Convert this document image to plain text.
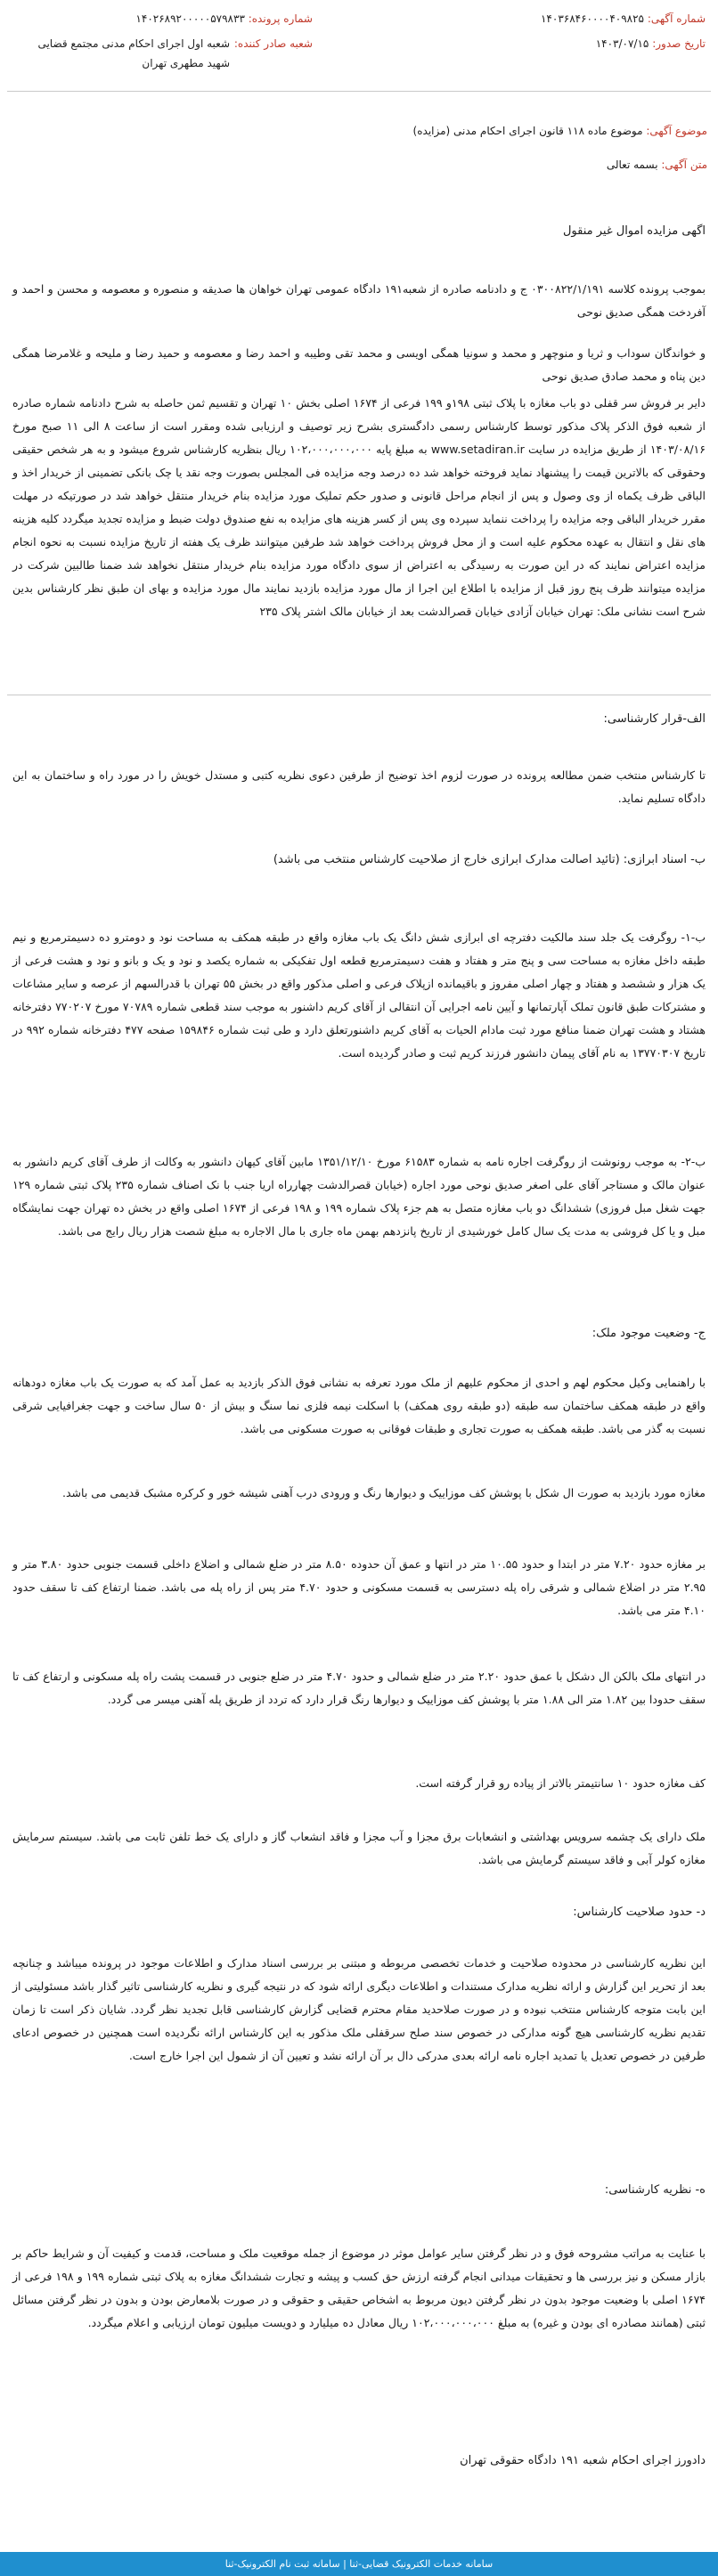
شماره آگهی: ۱۴۰۳۶۸۴۶۰۰۰۰۴۰۹۸۲۵
شماره پرونده: ۱۴۰۲۶۸۹۲۰۰۰۰۰۵۷۹۸۳۳
تاریخ صدور: ۱۴۰۳/۰۷/۱۵
شعبه صادر کننده:
شعبه اول اجرای احکام مدنی مجتمع قضایی شهید مطهری تهران
موضوع آگهی: موضوع ماده ۱۱۸ قانون اجرای احکام مدنی (مزایده)
متن آگهی: بسمه تعالی
اگهی مزایده اموال غیر منقول
بموجب پرونده کلاسه ۰۳۰۰۸۲۲/۱/۱۹۱ ج و دادنامه صادره از شعبه۱۹۱ دادگاه عمومی تهران خواهان ها صدیقه و منصوره و معصومه و محسن و احمد و آفردخت همگی صدیق نوحی
و خواندگان سوداب و ثریا و منوچهر و محمد و سونیا همگی اویسی و محمد تقی وطیبه و احمد رضا و معصومه و حمید رضا و ملیحه و غلامرضا همگی دین پناه و محمد صادق صدیق نوحی
دایر بر فروش سر قفلی دو باب مغازه با پلاک ثبتی ۱۹۸و ۱۹۹ فرعی از ۱۶۷۴ اصلی بخش ۱۰ تهران و تقسیم ثمن حاصله به شرح دادنامه شماره صادره از شعبه فوق الذکر پلاک مذکور توسط کارشناس رسمی دادگستری بشرح زیر توصیف و ارزیابی شده ومقرر است از ساعت ۸ الی ۱۱ صبح مورخ ۱۴۰۳/۰۸/۱۶ از طریق مزایده در سایت www.setadiran.ir به مبلغ پایه ۱۰۲،۰۰۰،۰۰۰،۰۰۰ ریال بنظریه کارشناس شروع میشود و به هر شخص حقیقی وحقوقی که بالاترین قیمت را پیشنهاد نماید فروخته خواهد شد ده درصد وجه مزایده فی المجلس بصورت وجه نقد یا چک بانکی تضمینی از خریدار اخذ و الباقی ظرف یکماه از وی وصول و پس از انجام مراحل قانونی و صدور حکم تملیک مورد مزایده بنام خریدار منتقل خواهد شد در صورتیکه در مهلت مقرر خریدار الباقی وجه مزایده را پرداخت ننماید سپرده وی پس از کسر هزینه های مزایده به نفع صندوق دولت ضبط و مزایده تجدید میگردد کلیه هزینه های نقل و انتقال به عهده محکوم علیه است و از محل فروش پرداخت خواهد شد طرفین میتوانند ظرف یک هفته از تاریخ مزایده نسبت به نحوه انجام مزایده اعتراض نمایند که در این صورت به رسیدگی به اعتراض از سوی دادگاه مورد مزایده بنام خریدار منتقل نخواهد شد ضمنا طالبین شرکت در مزایده میتوانند ظرف پنج روز قبل از مزایده با اطلاع این اجرا از مال مورد مزایده بازدید نمایند مال مورد مزایده و بهای ان طبق نظر کارشناس بدین شرح است نشانی ملک: تهران خیابان آزادی خیابان قصرالدشت بعد از خیابان مالک اشتر پلاک ۲۳۵
الف-قرار کارشناسی:
تا کارشناس منتخب ضمن مطالعه پرونده در صورت لزوم اخذ توضیح از طرفین دعوی نظریه کتبی و مستدل خویش را در مورد راه و ساختمان به این دادگاه تسلیم نماید.
ب- اسناد ابرازی: (تائید اصالت مدارک ابرازی خارج از صلاحیت کارشناس منتخب می باشد)
ب-۱- روگرفت یک جلد سند مالکیت دفترچه ای ابرازی شش دانگ یک باب مغازه واقع در طبقه همکف به مساحت نود و دومترو ده دسیمترمربع و نیم طبقه داخل مغازه به مساحت سی و پنج متر و هفتاد و هفت دسیمترمربع قطعه اول تفکیکی به شماره یکصد و نود و یک و بانو و نود و هشت فرعی از یک هزار و ششصد و هفتاد و چهار اصلی مفروز و باقیمانده ازپلاک فرعی و اصلی مذکور واقع در بخش ۵۵ تهران با قدرالسهم از عرصه و سایر مشاعات و مشترکات طبق قانون تملک آپارتمانها و آیین نامه اجرایی آن انتقالی از آقای کریم داشنور به موجب سند قطعی شماره ۷۰۷۸۹ مورخ ۷۷۰۲۰۷ دفترخانه هشتاد و هشت تهران ضمنا منافع مورد ثبت مادام الحیات به آقای کریم داشنورتعلق دارد و طی ثبت شماره ۱۵۹۸۴۶ صفحه ۴۷۷ دفترخانه شماره ۹۹۲ در تاریخ ۱۳۷۷۰۳۰۷ به نام آقای پیمان دانشور فرزند کریم ثبت و صادر گردیده است.
ب-۲- به موجب رونوشت از روگرفت اجاره نامه به شماره ۶۱۵۸۳ مورخ ۱۳۵۱/۱۲/۱۰ مابین آقای کیهان دانشور به وکالت از طرف آقای کریم دانشور به عنوان مالک و مستاجر آقای علی اصغر صدیق نوحی مورد اجاره (خیابان قصرالدشت چهارراه اریا جنب با نک اصناف شماره ۲۳۵ پلاک ثبتی شماره ۱۲۹ جهت شغل مبل فروزی) ششدانگ دو باب مغازه متصل به هم جزء پلاک شماره ۱۹۹ و ۱۹۸ فرعی از ۱۶۷۴ اصلی واقع در بخش ده تهران جهت نمایشگاه مبل و یا کل فروشی به مدت یک سال کامل خورشیدی از تاریخ پانزدهم بهمن ماه جاری با مال الاجاره به مبلغ شصت هزار ریال رایج می باشد.
ج- وضعیت موجود ملک:
با راهنمایی وکیل محکوم لهم و احدی از محکوم علیهم از ملک مورد تعرفه به نشانی فوق الذکر بازدید به عمل آمد که به صورت یک باب مغازه دودهانه واقع در طبقه همکف ساختمان سه طبقه (دو طبقه روی همکف) با اسکلت نیمه فلزی نما سنگ و بیش از ۵۰ سال ساخت و جهت جغرافیایی شرقی نسبت به گذر می باشد. طبقه همکف به صورت تجاری و طبقات فوقانی به صورت مسکونی می باشد.
مغازه مورد بازدید به صورت ال شکل با پوشش کف موزاییک و دیوارها رنگ و ورودی درب آهنی شیشه خور و کرکره مشبک قدیمی می باشد.
بر مغازه حدود ۷.۲۰ متر در ابتدا و حدود ۱۰.۵۵ متر در انتها و عمق آن حدوده ۸.۵۰ متر در ضلع شمالی و اضلاع داخلی قسمت جنوبی حدود ۳.۸۰ متر و ۲.۹۵ متر در اضلاع شمالی و شرقی راه پله دسترسی به قسمت مسکونی و حدود ۴.۷۰ متر پس از راه پله می باشد. ضمنا ارتفاع کف تا سقف حدود ۴.۱۰ متر می باشد.
در انتهای ملک بالکن ال دشکل با عمق حدود ۲.۲۰ متر در ضلع شمالی و حدود ۴.۷۰ متر در ضلع جنوبی در قسمت پشت راه پله مسکونی و ارتفاع کف تا سقف حدودا بین ۱.۸۲ متر الی ۱.۸۸ متر با پوشش کف موزاییک و دیوارها رنگ قرار دارد که تردد از طریق پله آهنی میسر می گردد.
کف مغازه حدود ۱۰ سانتیمتر بالاتر از پیاده رو قرار گرفته است.
ملک دارای یک چشمه سرویس بهداشتی و انشعابات برق مجزا و آب مجزا و فاقد انشعاب گاز و دارای یک خط تلفن ثابت می باشد. سیستم سرمایش مغازه کولر آبی و فاقد سیستم گرمایش می باشد.
د- حدود صلاحیت کارشناس:
این نظریه کارشناسی در محدوده صلاحیت و خدمات تخصصی مربوطه و مبتنی بر بررسی اسناد مدارک و اطلاعات موجود در پرونده میباشد و چنانچه بعد از تحریر این گزارش و ارائه نظریه مدارک مستندات و اطلاعات دیگری ارائه شود که در نتیجه گیری و نظریه کارشناسی تاثیر گذار باشد مسئولیتی از این بابت متوجه کارشناس منتخب نبوده و در صورت صلاحدید مقام محترم قضایی گزارش کارشناسی قابل تجدید نظر گردد. شایان ذکر است تا زمان تقدیم نظریه کارشناسی هیچ گونه مدارکی در خصوص سند صلح سرقفلی ملک مذکور به این کارشناس ارائه نگردیده است همچنین در خصوص ادعای طرفین در خصوص تعدیل یا تمدید اجاره نامه ارائه بعدی مدرکی دال بر آن ارائه نشد و تعیین آن از شمول این اجرا خارج است.
ه- نظریه کارشناسی:
با عنایت به مراتب مشروحه فوق و در نظر گرفتن سایر عوامل موثر در موضوع از جمله موقعیت ملک و مساحت، قدمت و کیفیت آن و شرایط حاکم بر بازار مسکن و نیز بررسی ها و تحقیقات میدانی انجام گرفته ارزش حق کسب و پیشه و تجارت ششدانگ مغازه به پلاک ثبتی شماره ۱۹۹ و ۱۹۸ فرعی از ۱۶۷۴ اصلی با وضعیت موجود بدون در نظر گرفتن دیون مربوط به اشخاص حقیقی و حقوقی و در صورت بلامعارض بودن و بدون در نظر گرفتن مسائل ثبتی (همانند مصادره ای بودن و غیره) به مبلغ ۱۰۲،۰۰۰،۰۰۰،۰۰۰ ریال معادل ده میلیارد و دویست میلیون تومان ارزیابی و اعلام میگردد.
دادورز اجرای احکام شعبه ۱۹۱ دادگاه حقوقی تهران
سامانه خدمات الکترونیک قضایی-ثنا | سامانه ثبت نام الکترونیک-ثنا
